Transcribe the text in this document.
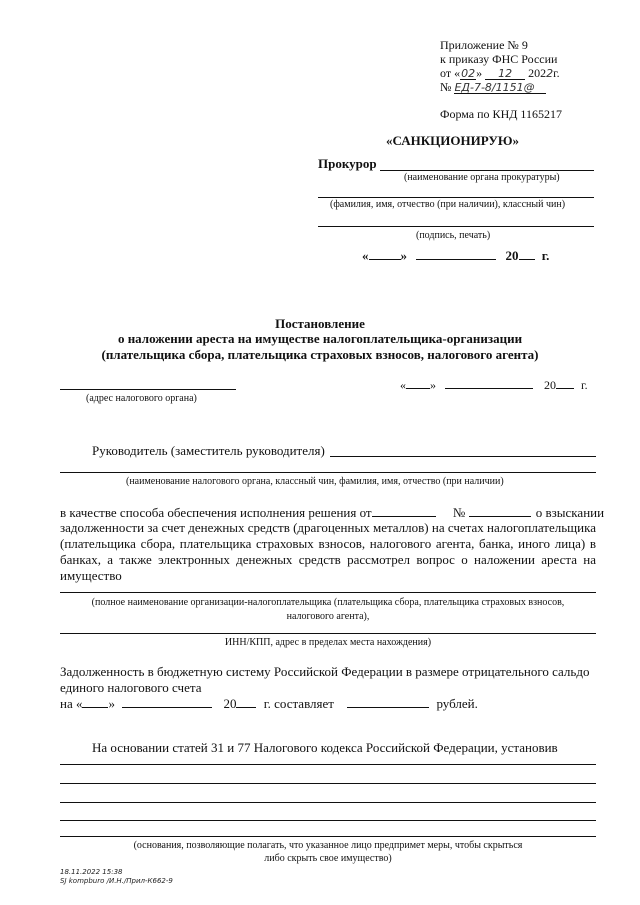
Приложение № 9
к приказу ФНС России
от «02» 12 2022г.
№ ЕД-7-8/1151@
Форма по КНД 1165217
«САНКЦИОНИРУЮ»
Прокурор
(наименование органа прокуратуры)
(фамилия, имя, отчество (при наличии), классный чин)
(подпись, печать)
« »	20 г.
Постановление
о наложении ареста на имуществе налогоплательщика-организации
(плательщика сбора, плательщика страховых взносов, налогового агента)
(адрес налогового органа)
« »	20 г.
Руководитель (заместитель руководителя)
(наименование налогового органа, классный чин, фамилия, имя, отчество (при наличии)
в качестве способа обеспечения исполнения решения от	№	о взыскании
задолженности за счет денежных средств (драгоценных металлов) на счетах налогоплательщика (плательщика сбора, плательщика страховых взносов, налогового агента, банка, иного лица) в банках, а также электронных денежных средств рассмотрел вопрос о наложении ареста на имущество
(полное наименование организации-налогоплательщика (плательщика сбора, плательщика страховых взносов,
налогового агента),
ИНН/КПП, адрес в пределах места нахождения)
Задолженность в бюджетную систему Российской Федерации в размере отрицательного сальдо
единого налогового счета
на « »	20 г. составляет	рублей.
На основании статей 31 и 77 Налогового кодекса Российской Федерации, установив
(основания, позволяющие полагать, что указанное лицо предпримет меры, чтобы скрыться
либо скрыть свое имущество)
18.11.2022 15:38
SJ kompburo /И.Н./Прил-К662-9
